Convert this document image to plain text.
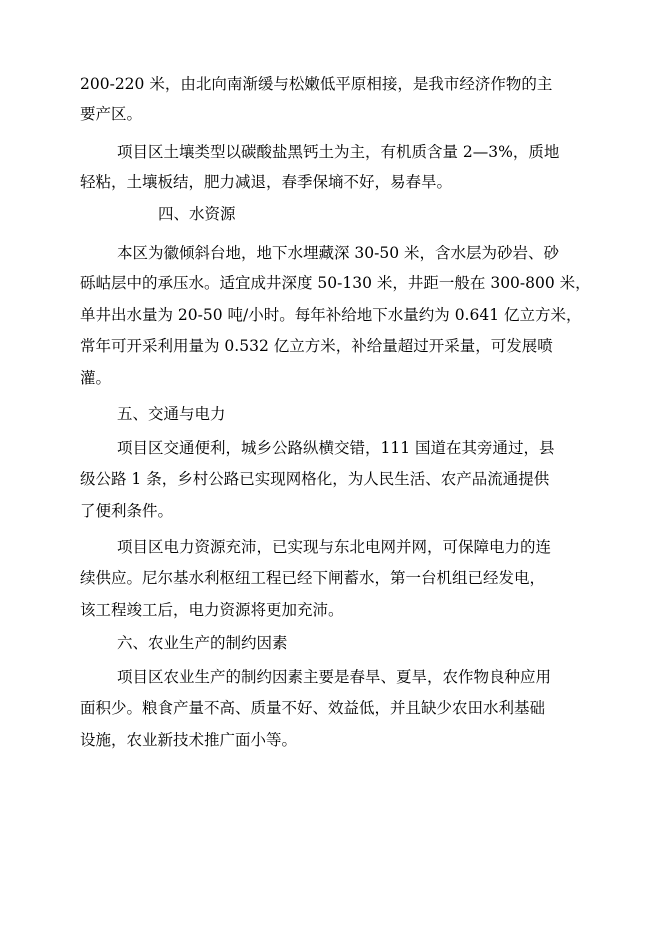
200-220 米，由北向南渐缓与松嫩低平原相接，是我市经济作物的主
要产区。
项目区土壤类型以碳酸盐黑钙土为主，有机质含量 2—3%，质地
轻粘，土壤板结，肥力减退，春季保墒不好，易春旱。
四、水资源
本区为徽倾斜台地，地下水埋藏深 30-50 米，含水层为砂岩、砂
砾岵层中的承压水。适宜成井深度 50-130 米，井距一般在 300-800 米，
单井出水量为 20-50 吨/小时。每年补给地下水量约为 0.641 亿立方米，
常年可开采利用量为 0.532 亿立方米，补给量超过开采量，可发展喷
灌。
五、交通与电力
项目区交通便利，城乡公路纵横交错，111 国道在其旁通过，县
级公路 1 条，乡村公路已实现网格化，为人民生活、农产品流通提供
了便利条件。
项目区电力资源充沛，已实现与东北电网并网，可保障电力的连
续供应。尼尔基水利枢纽工程已经下闸蓄水，第一台机组已经发电，
该工程竣工后，电力资源将更加充沛。
六、农业生产的制约因素
项目区农业生产的制约因素主要是春旱、夏旱，农作物良种应用
面积少。粮食产量不高、质量不好、效益低，并且缺少农田水利基础
设施，农业新技术推广面小等。
